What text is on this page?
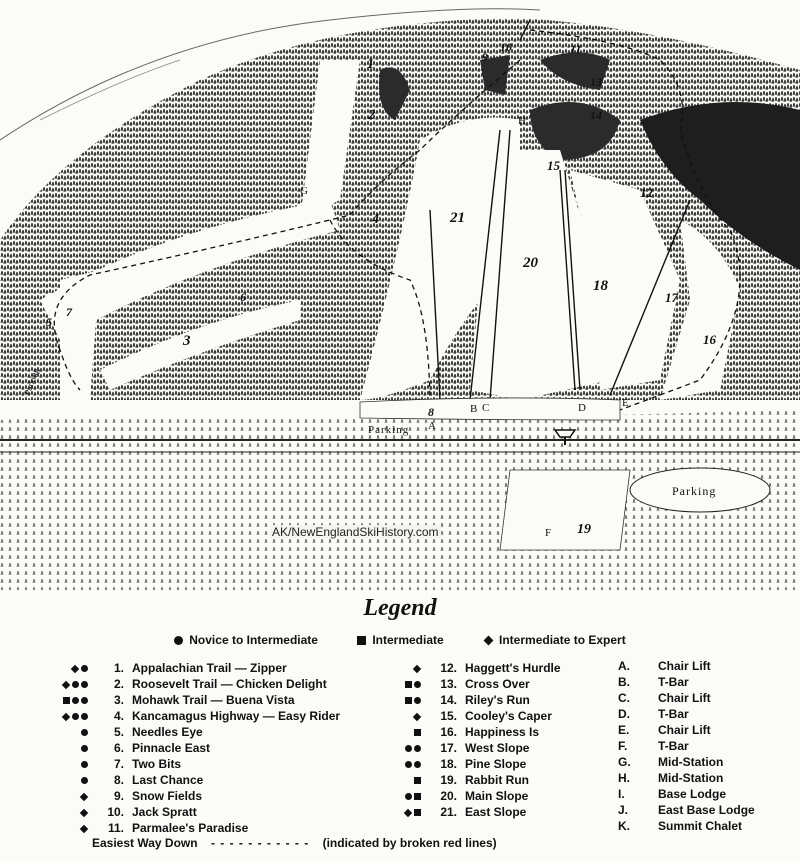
1
2
3
4
5
6
7
8
9
10	11
12
13
14
15
16
17
18
19
20
21
A
B C	D	E
F
G
H
Parking
Parking
Parking
AK/NewEnglandSkiHistory.com
Legend
Novice to Intermediate	Intermediate	Intermediate to Expert
1. Appalachian Trail — Zipper
2. Roosevelt Trail — Chicken Delight
3. Mohawk Trail — Buena Vista
4. Kancamagus Highway — Easy Rider
5. Needles Eye
6. Pinnacle East
7. Two Bits
8. Last Chance
9. Snow Fields
10. Jack Spratt
11. Parmalee's Paradise
12. Haggett's Hurdle
13. Cross Over
14. Riley's Run
15. Cooley's Caper
16. Happiness Is
17. West Slope
18. Pine Slope
19. Rabbit Run
20. Main Slope
21. East Slope
A. Chair Lift
B. T-Bar
C. Chair Lift
D. T-Bar
E. Chair Lift
F.	T-Bar
G. Mid-Station
H. Mid-Station
I.	Base Lodge
J. East Base Lodge
K. Summit Chalet
Easiest Way Down - - - - - - - - - - - (indicated by broken red lines)
